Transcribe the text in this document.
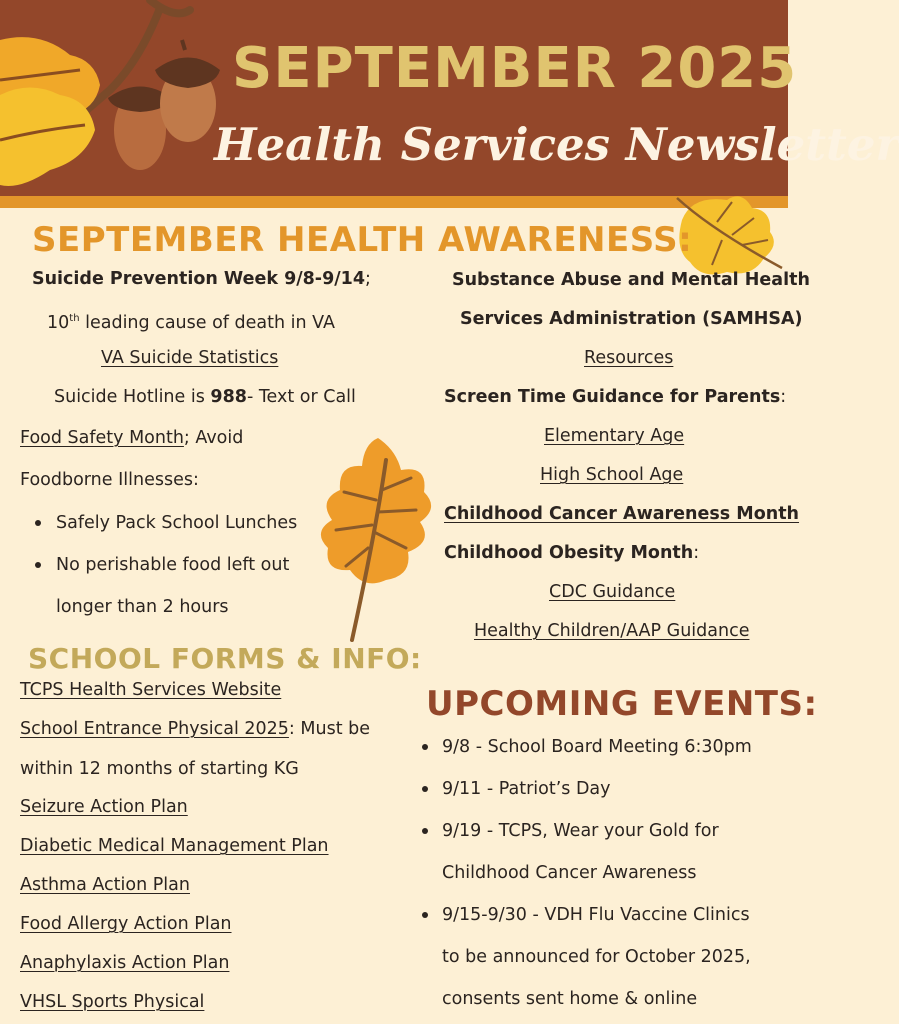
SEPTEMBER 2025
Health Services Newsletter
SEPTEMBER HEALTH AWARENESS:
Suicide Prevention Week 9/8-9/14;
10th leading cause of death in VA
VA Suicide Statistics
Suicide Hotline is 988- Text or Call
Food Safety Month; Avoid
Foodborne Illnesses:
Safely Pack School Lunches
No perishable food left out
longer than 2 hours
Substance Abuse and Mental Health
Services Administration (SAMHSA)
Resources
Screen Time Guidance for Parents:
Elementary Age
High School Age
Childhood Cancer Awareness Month
Childhood Obesity Month:
CDC Guidance
Healthy Children/AAP Guidance
SCHOOL FORMS & INFO:
TCPS Health Services Website
School Entrance Physical 2025: Must be
within 12 months of starting KG
Seizure Action Plan
Diabetic Medical Management Plan
Asthma Action Plan
Food Allergy Action Plan
Anaphylaxis Action Plan
VHSL Sports Physical
UPCOMING EVENTS:
9/8 - School Board Meeting 6:30pm
9/11 - Patriot’s Day
9/19 - TCPS, Wear your Gold for
Childhood Cancer Awareness
9/15-9/30 - VDH Flu Vaccine Clinics
to be announced for October 2025,
consents sent home & online
